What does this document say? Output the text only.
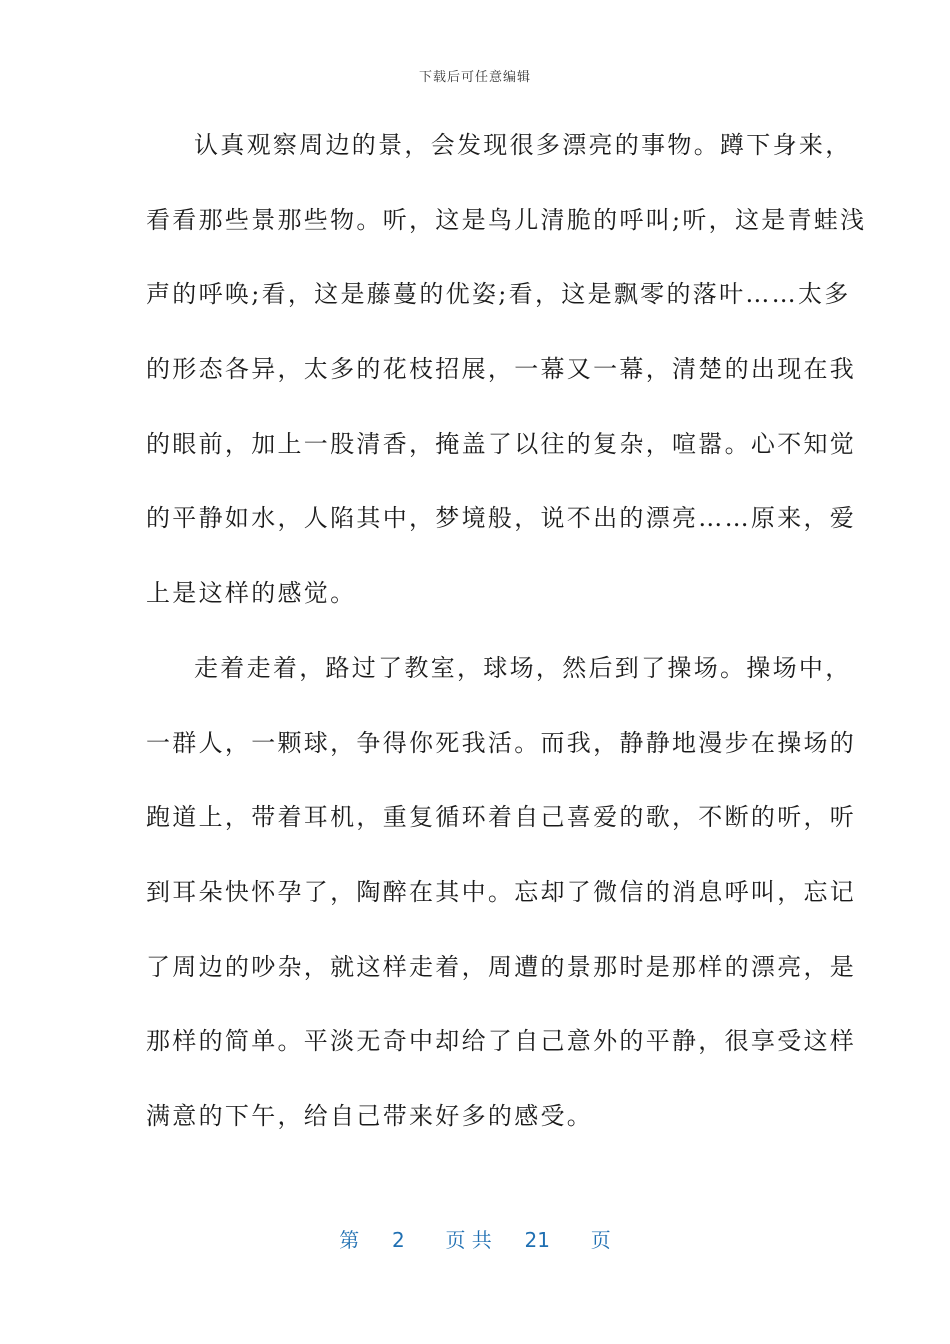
下载后可任意编辑
认真观察周边的景，会发现很多漂亮的事物。蹲下身来，
看看那些景那些物。听，这是鸟儿清脆的呼叫;听，这是青蛙浅
声的呼唤;看，这是藤蔓的优姿;看，这是飘零的落叶……太多
的形态各异，太多的花枝招展，一幕又一幕，清楚的出现在我
的眼前，加上一股清香，掩盖了以往的复杂，喧嚣。心不知觉
的平静如水，人陷其中，梦境般，说不出的漂亮……原来，爱
上是这样的感觉。
走着走着，路过了教室，球场，然后到了操场。操场中，
一群人，一颗球，争得你死我活。而我，静静地漫步在操场的
跑道上，带着耳机，重复循环着自己喜爱的歌，不断的听，听
到耳朵快怀孕了，陶醉在其中。忘却了微信的消息呼叫，忘记
了周边的吵杂，就这样走着，周遭的景那时是那样的漂亮，是
那样的简单。平淡无奇中却给了自己意外的平静，很享受这样
满意的下午，给自己带来好多的感受。
第 2 页 共 21 页
